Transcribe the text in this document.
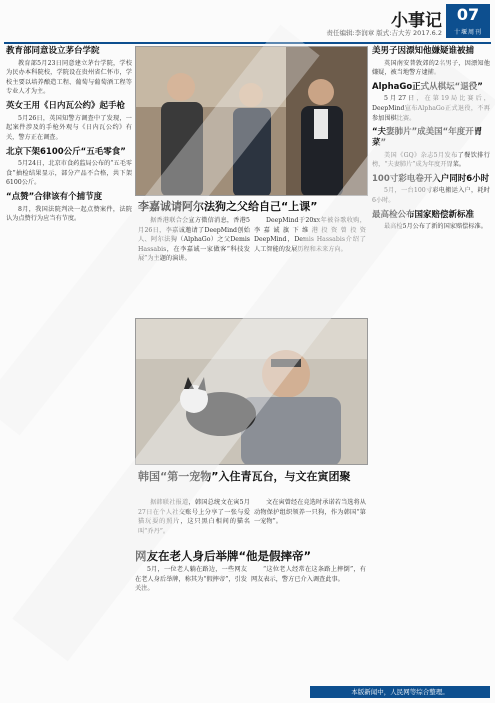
小事记
责任编辑:李润章 版式:吉大芳 2017.6.2
07
十堰周刊
教育部同意设立茅台学院
教育部5月23日同意建立茅台学院，学校为民办本科院校，学院设在贵州省仁怀市，学校主要以培养酿造工程、葡萄与葡萄酒工程等专业人才为主。
英女王用《日内瓦公约》起手枪
5月26日，英国知警方调查中了发现，一起案件涉及的手枪外观与《日内瓦公约》有关，警方正在调查。
北京下架6100公斤“五毛零食”
5月24日，北京市食药监局公布的“五毛零食”抽检结果显示，部分产品不合格，共下架6100公斤。
“点赞”合律该有个捕节度
8月，我国法院判决一起点赞案件，法院认为点赞行为应当有节度。
李嘉诚请阿尔法狗之父给自己“上课”
据香港联合会宣方微信消息，香港5月26日，李嘉诚邀请了DeepMind创始人、阿尔法狗（AlphaGo）之父Demis Hassabis，在李嘉诚一家做客“科技发展”为主题的演讲。
DeepMind于20xx年被谷歌收购，李嘉诚旗下维港投资曾投资DeepMind，Demis Hassabis介绍了人工智能的发展历程和未来方向。
韩国“第一宠物”入住青瓦台，与文在寅团聚
据韩联社报道，韩国总统文在寅5月27日在个人社交账号上分享了一张与爱猫玩耍的照片，这只黑白相间的猫名叫“乔丹”。
文在寅曾经在竞选时承诺若当选将从动物保护组织领养一只狗，作为韩国“第一宠物”。
网友在老人身后举牌“他是假摔帝”
5月，一位老人躺在路边，一些网友在老人身后举牌，称其为“假摔帝”，引发关注。
“这位老人经常在这条路上摔倒”，有网友表示，警方已介入调查此事。
美男子因漂知他嫌疑谁被捕
英国南安普敦郊的2名男子，因漂知他嫌疑，被当地警方逮捕。
AlphaGo正式从棋坛“退役”
5月27日，在第19局比赛后，DeepMind宣布AlphaGo正式退役，不再参加围棋比赛。
“夫妻肺片”成美国“年度开胃菜”
美国《GQ》杂志5月发布了餐饮排行榜，“夫妻肺片”成为年度开胃菜。
100寸彩电卷开入户同时6小时
5月，一台100寸彩电搬运入户，耗时6小时。
最高检公布国家赔偿新标准
最高检5月公布了新的国家赔偿标准。
本版新闻中，人民网等综合整理。
